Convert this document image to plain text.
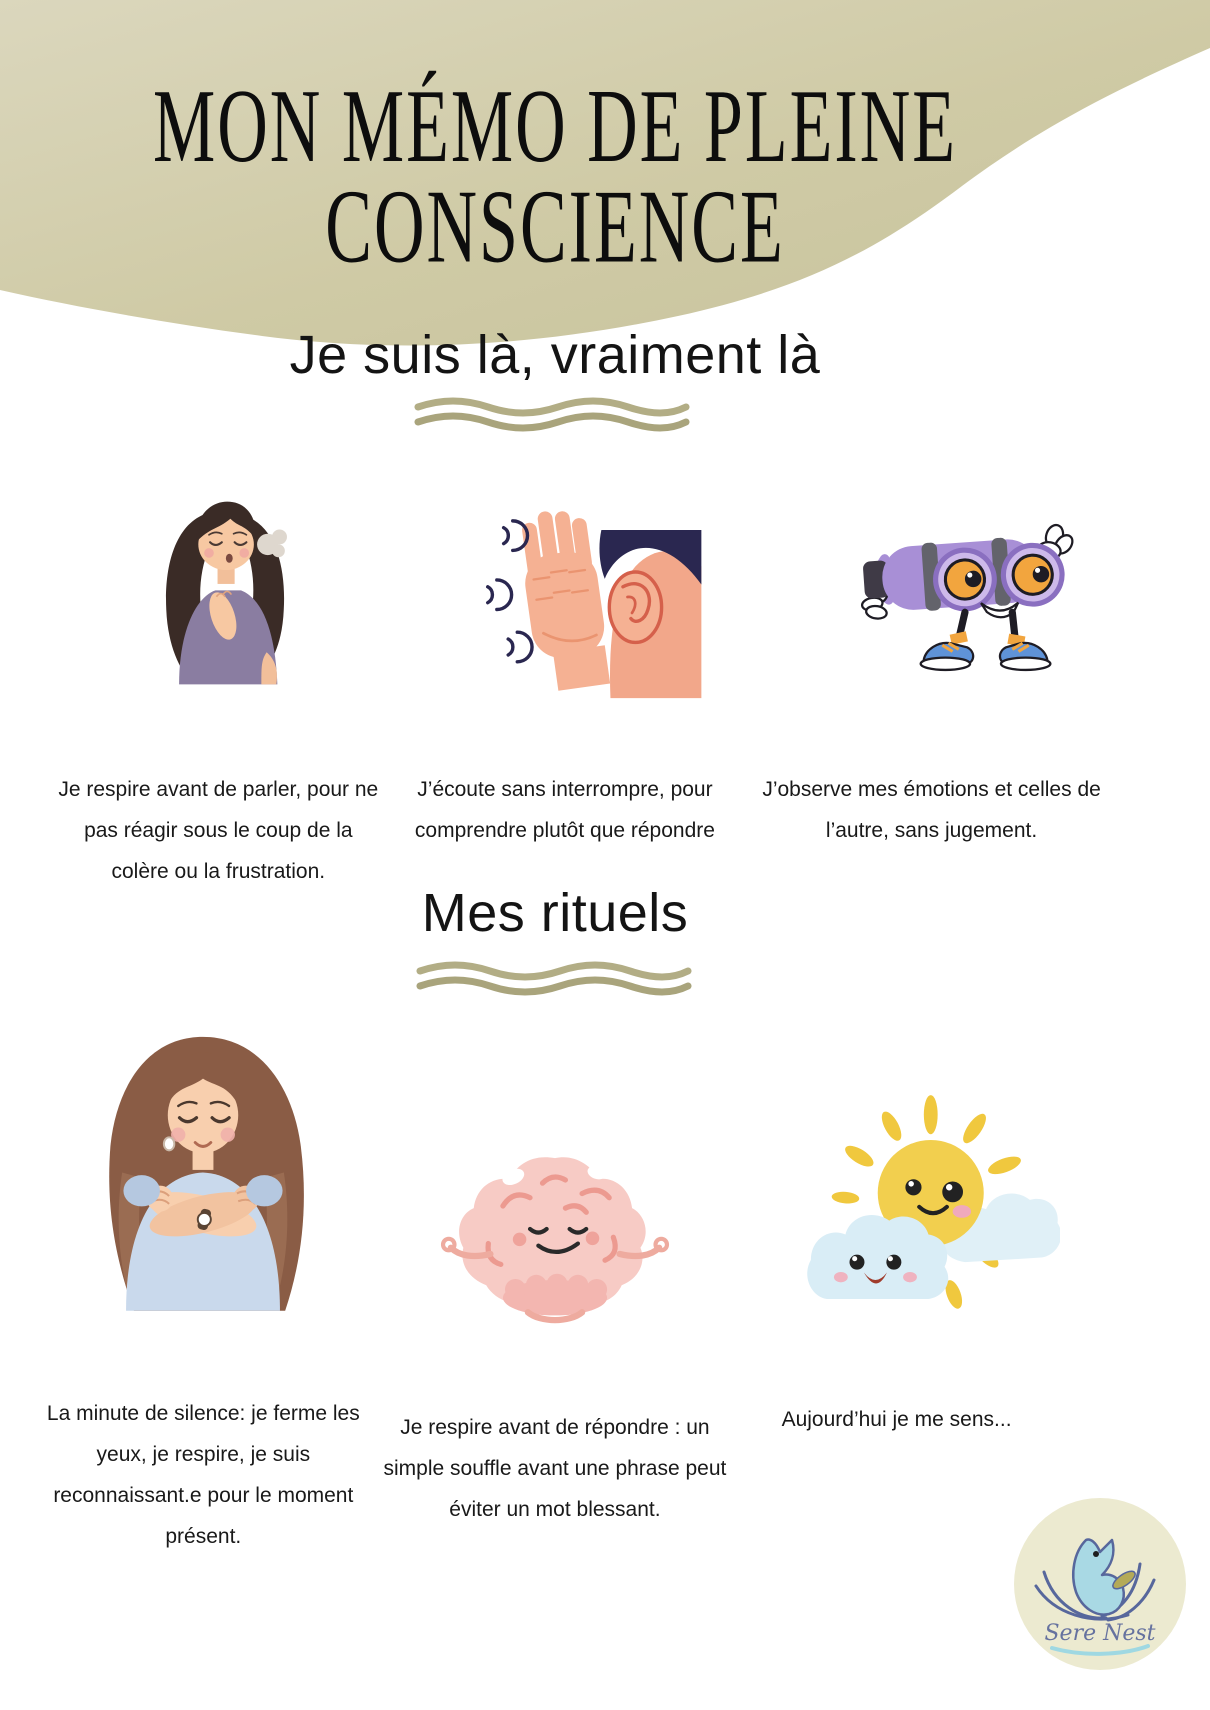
MON MÉMO DE PLEINE
CONSCIENCE
Je suis là, vraiment là

Je respire avant de parler, pour ne pas réagir sous le coup de la colère ou la frustration.

J’écoute sans interrompre, pour comprendre plutôt que répondre

J’observe mes émotions et celles de l’autre, sans jugement.

Mes rituels

La minute de silence: je ferme les yeux, je respire, je suis reconnaissant.e pour le moment présent.

Je respire avant de répondre : un simple souffle avant une phrase peut éviter un mot blessant.

Aujourd’hui je me sens...

Sere Nest
